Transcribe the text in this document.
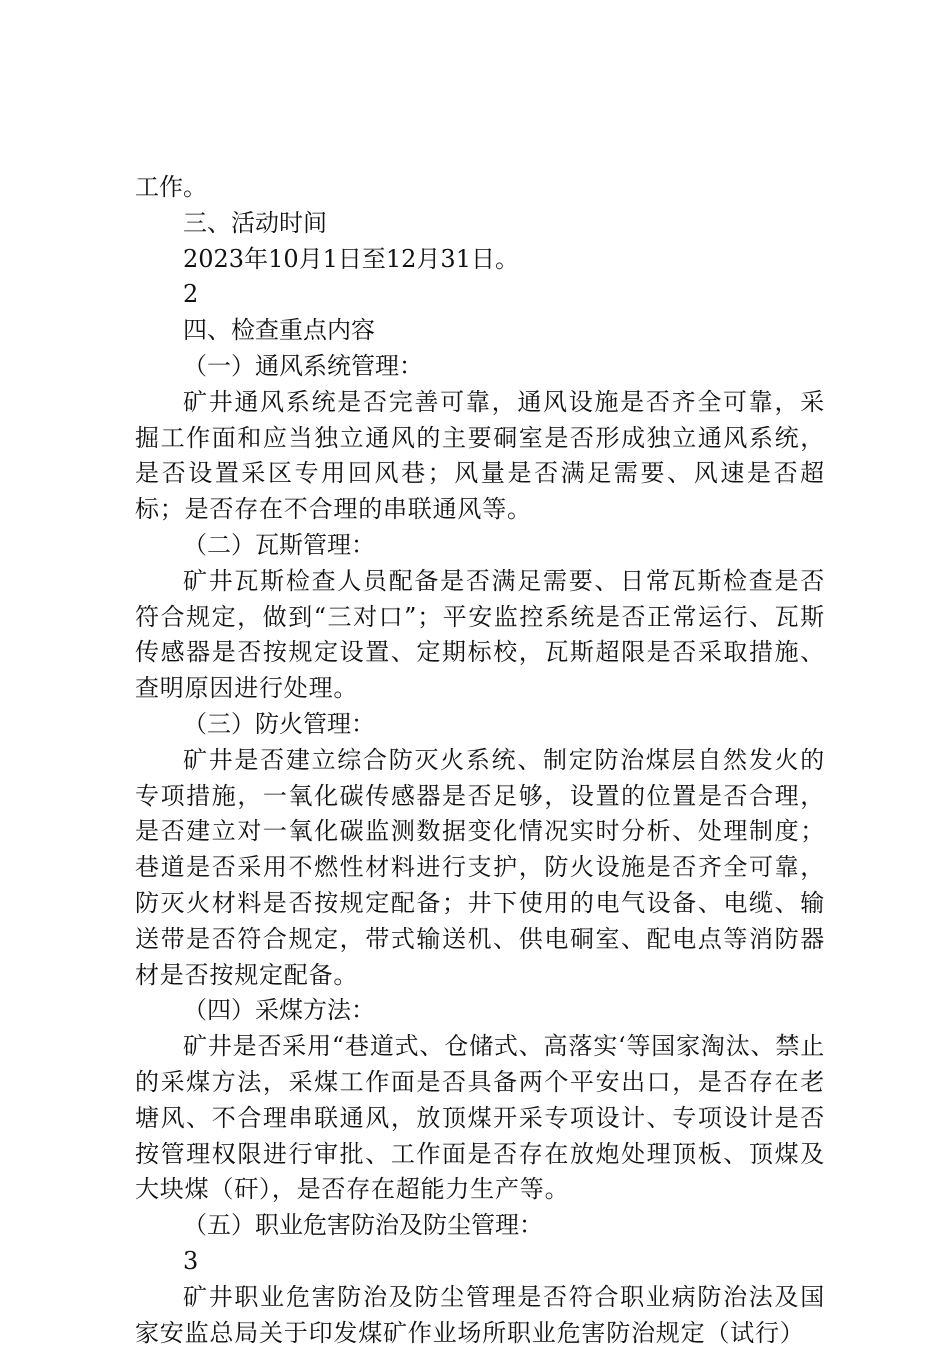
工作。

三、活动时间

2023年10月1日至12月31日。

2

四、检查重点内容

（一）通风系统管理：

矿井通风系统是否完善可靠，通风设施是否齐全可靠，采掘工作面和应当独立通风的主要硐室是否形成独立通风系统，是否设置采区专用回风巷；风量是否满足需要、风速是否超标；是否存在不合理的串联通风等。

（二）瓦斯管理：

矿井瓦斯检查人员配备是否满足需要、日常瓦斯检查是否符合规定，做到“三对口”；平安监控系统是否正常运行、瓦斯传感器是否按规定设置、定期标校，瓦斯超限是否采取措施、查明原因进行处理。

（三）防火管理：

矿井是否建立综合防灭火系统、制定防治煤层自然发火的专项措施，一氧化碳传感器是否足够，设置的位置是否合理，是否建立对一氧化碳监测数据变化情况实时分析、处理制度；巷道是否采用不燃性材料进行支护，防火设施是否齐全可靠，防灭火材料是否按规定配备；井下使用的电气设备、电缆、输送带是否符合规定，带式输送机、供电硐室、配电点等消防器材是否按规定配备。

（四）采煤方法：

矿井是否采用“巷道式、仓储式、高落实‘等国家淘汰、禁止的采煤方法，采煤工作面是否具备两个平安出口，是否存在老塘风、不合理串联通风，放顶煤开采专项设计、专项设计是否按管理权限进行审批、工作面是否存在放炮处理顶板、顶煤及大块煤（矸），是否存在超能力生产等。

（五）职业危害防治及防尘管理：

3

矿井职业危害防治及防尘管理是否符合职业病防治法及国家安监总局关于印发煤矿作业场所职业危害防治规定（试行）
